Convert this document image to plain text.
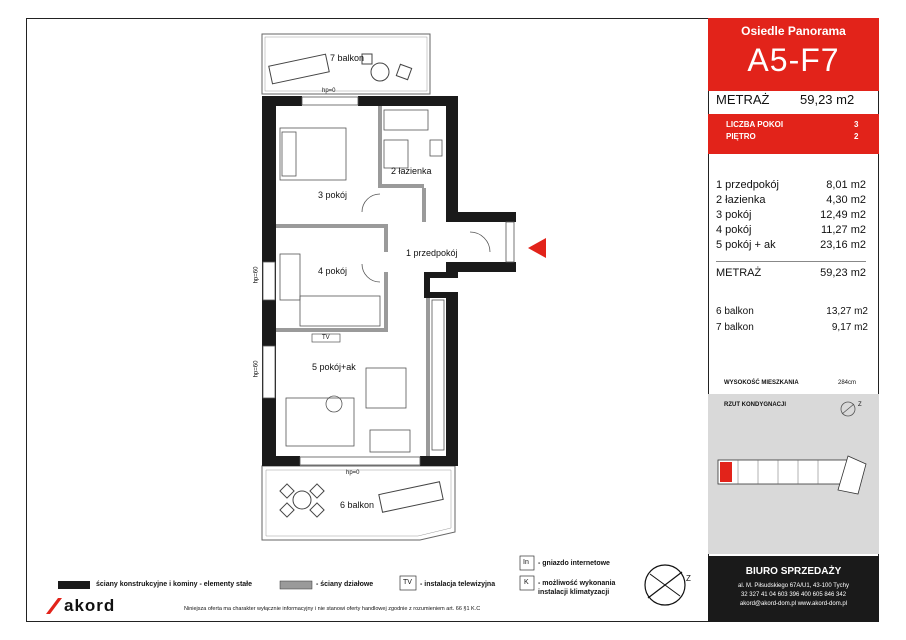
7 balkon
hp=0
2 łazienka
3 pokój
1 przedpokój
4 pokój
5 pokój+ak
TV
hp=0
6 balkon
hp=60
hp=60
Osiedle Panorama
A5-F7
METRAŻ 59,23 m2
LICZBA POKOI	3
PIĘTRO	2
1 przedpokój	8,01 m2
2 łazienka	4,30 m2
3 pokój	12,49 m2
4 pokój	11,27 m2
5 pokój + ak	23,16 m2
METRAŻ	59,23 m2
6 balkon	13,27 m2
7 balkon	9,17 m2
WYSOKOŚĆ MIESZKANIA	284cm
RZUT KONDYGNACJI	Z
BIURO SPRZEDAŻY
al. M. Piłsudskiego 67A/U1, 43-100 Tychy
32 327 41 04 603 396 400 605 846 342
akord@akord-dom.pl www.akord-dom.pl
ściany konstrukcyjne i kominy - elementy stałe	- ściany działowe	TV - instalacja telewizyjna
In - gniazdo internetowe
K - możliwość wykonania
instalacji klimatyzacji
Z
akord	Niniejsza oferta ma charakter wyłącznie informacyjny i nie stanowi oferty handlowej zgodnie z rozumieniem art. 66 §1 K.C
